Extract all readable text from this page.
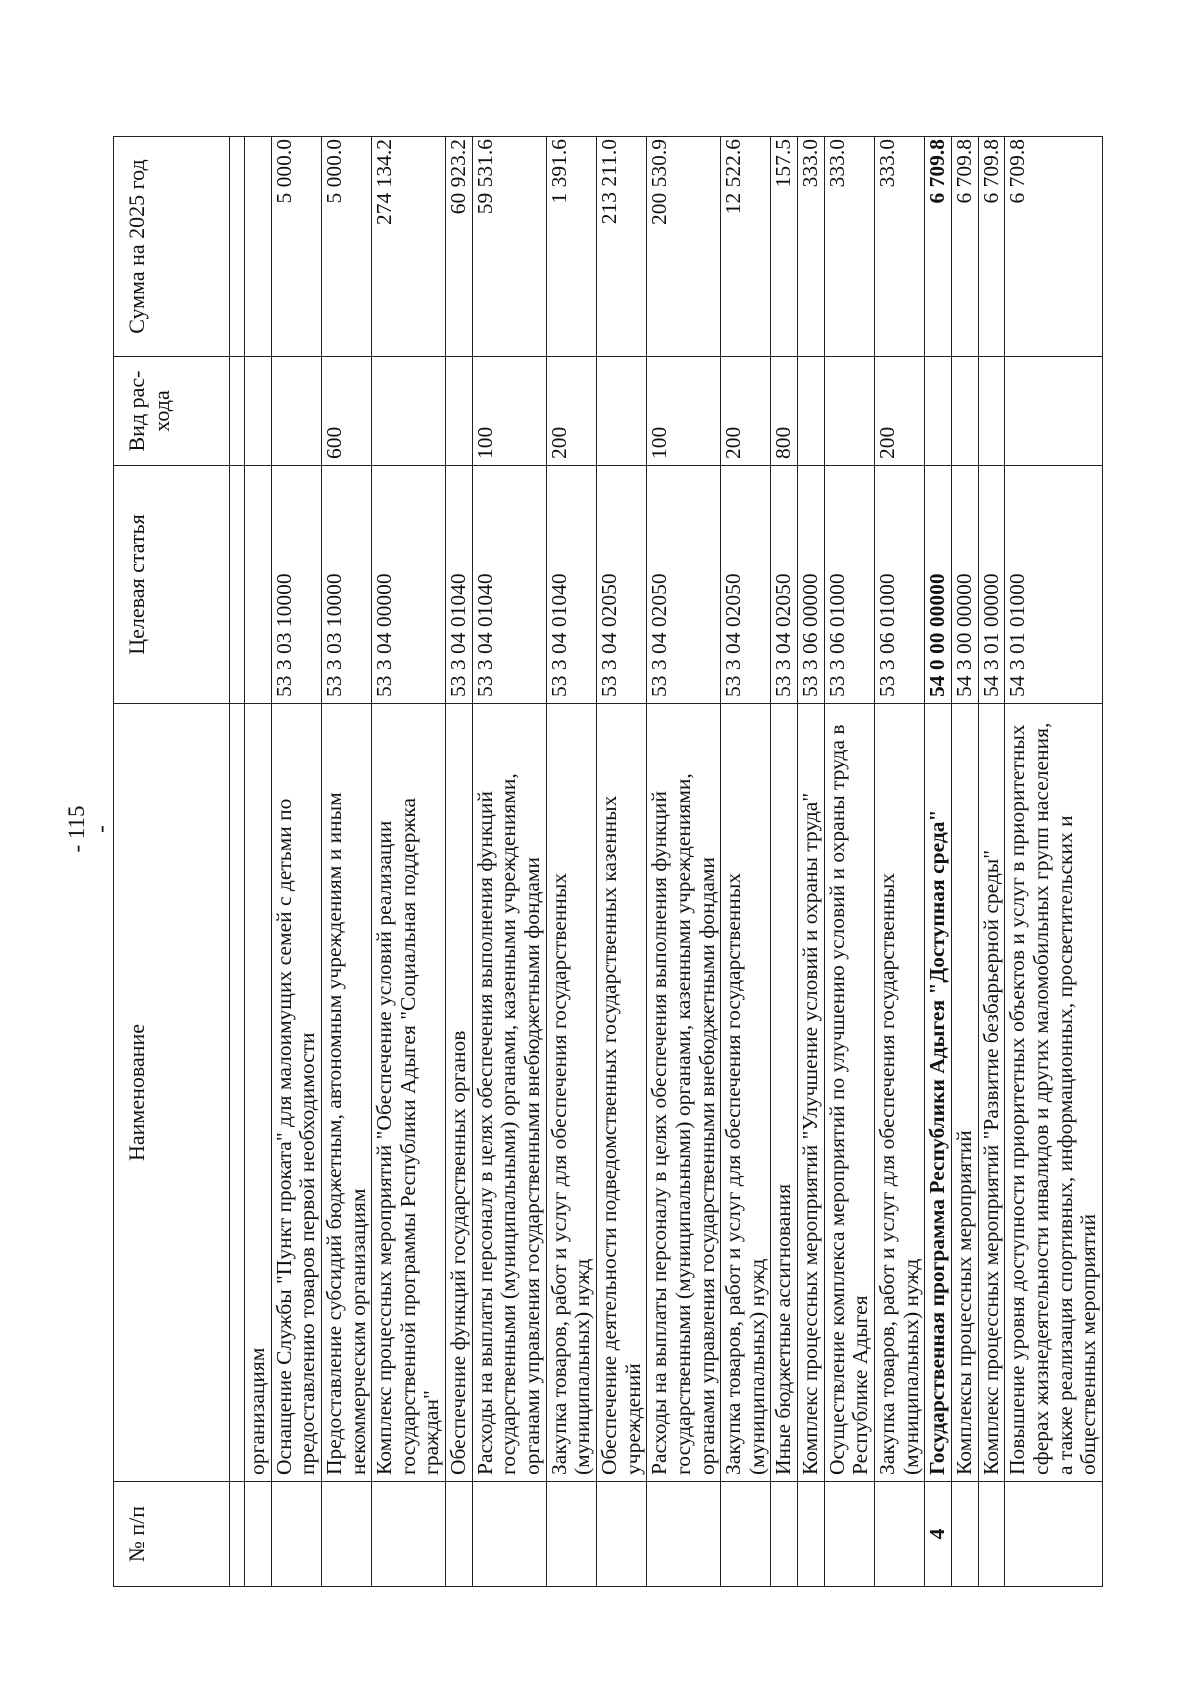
- 115 -
№ п/п	Наименование	Целевая статья	Вид рас- хода	Сумма на 2025 год

	организациям			
	Оснащение Службы "Пункт проката" для малоимущих семей с детьми по предоставлению товаров первой необходимости	53 3 03 10000		5 000.0
	Предоставление субсидий бюджетным, автономным учреждениям и иным некоммерческим организациям	53 3 03 10000	600	5 000.0
	Комплекс процессных мероприятий "Обеспечение условий реализации государственной программы Республики Адыгея "Социальная поддержка граждан"	53 3 04 00000		274 134.2
	Обеспечение функций государственных органов	53 3 04 01040		60 923.2
	Расходы на выплаты персоналу в целях обеспечения выполнения функций государственными (муниципальными) органами, казенными учреждениями, органами управления государственными внебюджетными фондами	53 3 04 01040	100	59 531.6
	Закупка товаров, работ и услуг для обеспечения государственных (муниципальных) нужд	53 3 04 01040	200	1 391.6
	Обеспечение деятельности подведомственных государственных казенных учреждений	53 3 04 02050		213 211.0
	Расходы на выплаты персоналу в целях обеспечения выполнения функций государственными (муниципальными) органами, казенными учреждениями, органами управления государственными внебюджетными фондами	53 3 04 02050	100	200 530.9
	Закупка товаров, работ и услуг для обеспечения государственных (муниципальных) нужд	53 3 04 02050	200	12 522.6
	Иные бюджетные ассигнования	53 3 04 02050	800	157.5
	Комплекс процессных мероприятий "Улучшение условий и охраны труда"	53 3 06 00000		333.0
	Осуществление комплекса мероприятий по улучшению условий и охраны труда в Республике Адыгея	53 3 06 01000		333.0
	Закупка товаров, работ и услуг для обеспечения государственных (муниципальных) нужд	53 3 06 01000	200	333.0
4	Государственная программа Республики Адыгея "Доступная среда"	54 0 00 00000		6 709.8
	Комплексы процессных мероприятий	54 3 00 00000		6 709.8
	Комплекс процессных мероприятий "Развитие безбарьерной среды"	54 3 01 00000		6 709.8
	Повышение уровня доступности приоритетных объектов и услуг в приоритетных сферах жизнедеятельности инвалидов и других маломобильных групп населения, а также реализация спортивных, информационных, просветительских и общественных мероприятий	54 3 01 01000		6 709.8
